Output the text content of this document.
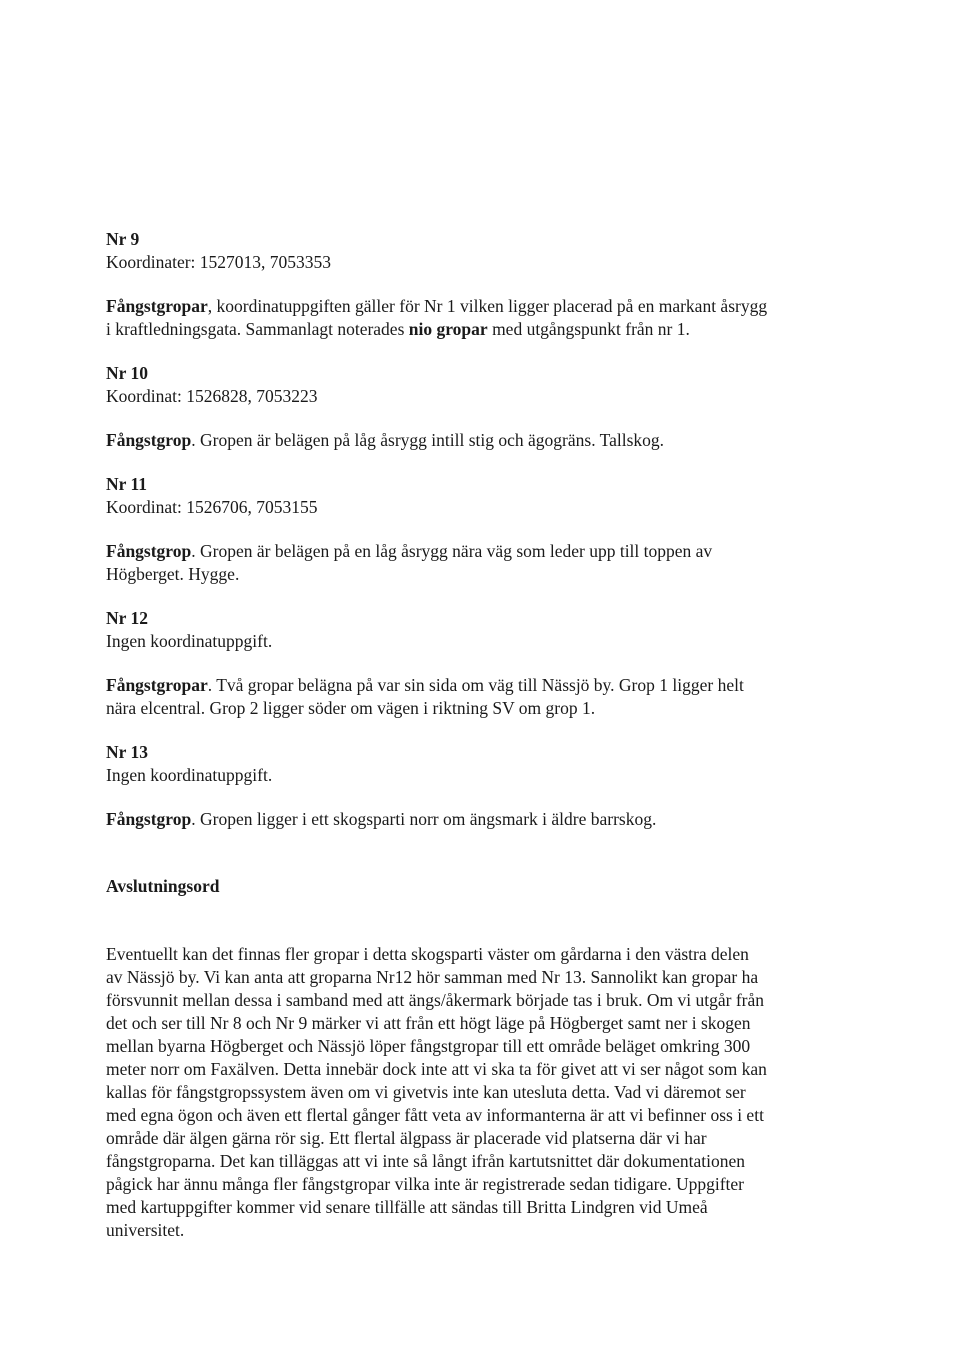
Nr 9
Koordinater: 1527013, 7053353
Fångstgropar, koordinatuppgiften gäller för Nr 1 vilken ligger placerad på en markant åsrygg
i kraftledningsgata. Sammanlagt noterades nio gropar med utgångspunkt från nr 1.
Nr 10
Koordinat: 1526828, 7053223
Fångstgrop. Gropen är belägen på låg åsrygg intill stig och ägogräns. Tallskog.
Nr 11
Koordinat: 1526706, 7053155
Fångstgrop. Gropen är belägen på en låg åsrygg nära väg som leder upp till toppen av
Högberget. Hygge.
Nr 12
Ingen koordinatuppgift.
Fångstgropar. Två gropar belägna på var sin sida om väg till Nässjö by. Grop 1 ligger helt
nära elcentral. Grop 2 ligger söder om vägen i riktning SV om grop 1.
Nr 13
Ingen koordinatuppgift.
Fångstgrop. Gropen ligger i ett skogsparti norr om ängsmark i äldre barrskog.
Avslutningsord
Eventuellt kan det finnas fler gropar i detta skogsparti väster om gårdarna i den västra delen
av Nässjö by. Vi kan anta att groparna Nr12 hör samman med Nr 13. Sannolikt kan gropar ha
försvunnit mellan dessa i samband med att ängs/åkermark började tas i bruk. Om vi utgår från
det och ser till Nr 8 och Nr 9 märker vi att från ett högt läge på Högberget samt ner i skogen
mellan byarna Högberget och Nässjö löper fångstgropar till ett område beläget omkring 300
meter norr om Faxälven. Detta innebär dock inte att vi ska ta för givet att vi ser något som kan
kallas för fångstgropssystem även om vi givetvis inte kan utesluta detta. Vad vi däremot ser
med egna ögon och även ett flertal gånger fått veta av informanterna är att vi befinner oss i ett
område där älgen gärna rör sig. Ett flertal älgpass är placerade vid platserna där vi har
fångstgroparna. Det kan tilläggas att vi inte så långt ifrån kartutsnittet där dokumentationen
pågick har ännu många fler fångstgropar vilka inte är registrerade sedan tidigare. Uppgifter
med kartuppgifter kommer vid senare tillfälle att sändas till Britta Lindgren vid Umeå
universitet.
